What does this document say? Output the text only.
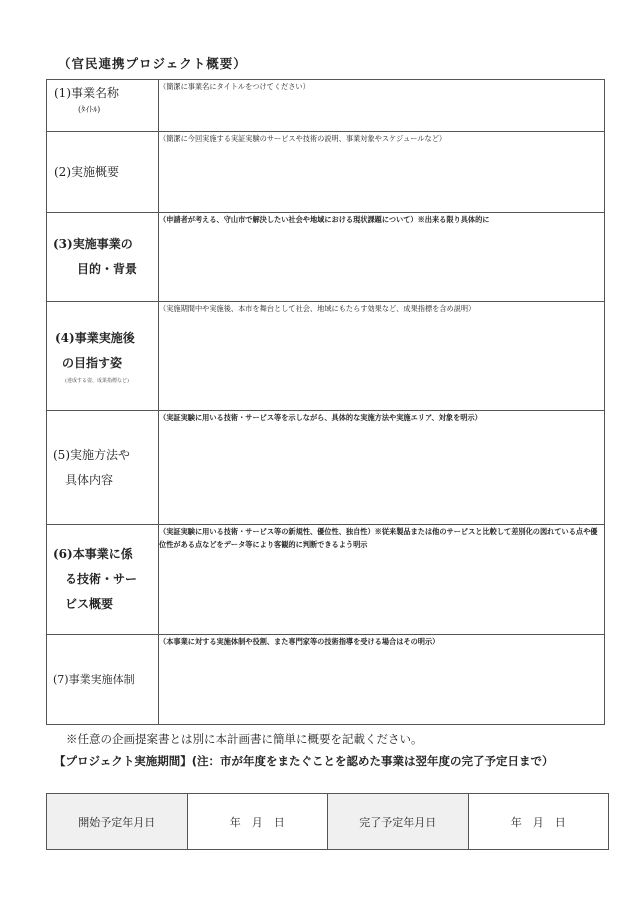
（官民連携プロジェクト概要）
(1)事業名称
(ﾀｲﾄﾙ)	（簡潔に事業名にタイトルをつけてください）

(2)実施概要	（簡潔に今回実施する実証実験のサービスや技術の説明、事業対象やスケジュールなど）

(3)実施事業の
目的・背景	（申請者が考える、守山市で解決したい社会や地域における現状課題について）※出来る限り具体的に

(4)事業実施後
の目指す姿
(達成する姿、成果指標など)	（実施期間中や実施後、本市を舞台として社会、地域にもたらす効果など、成果指標を含め説明）

(5)実施方法や
具体内容	（実証実験に用いる技術・サービス等を示しながら、具体的な実施方法や実施エリア、対象を明示）

(6)本事業に係
る技術・サー
ビス概要	（実証実験に用いる技術・サービス等の新規性、優位性、独自性）※従来製品または他のサービスと比較して差別化の図れている点や優位性がある点などをデータ等により客観的に判断できるよう明示

(7)事業実施体制	（本事業に対する実施体制や役割、また専門家等の技術指導を受ける場合はその明示）
※任意の企画提案書とは別に本計画書に簡単に概要を記載ください。
【プロジェクト実施期間】(注：市が年度をまたぐことを認めた事業は翌年度の完了予定日まで）
開始予定年月日	年　月　日	完了予定年月日	年　月　日
